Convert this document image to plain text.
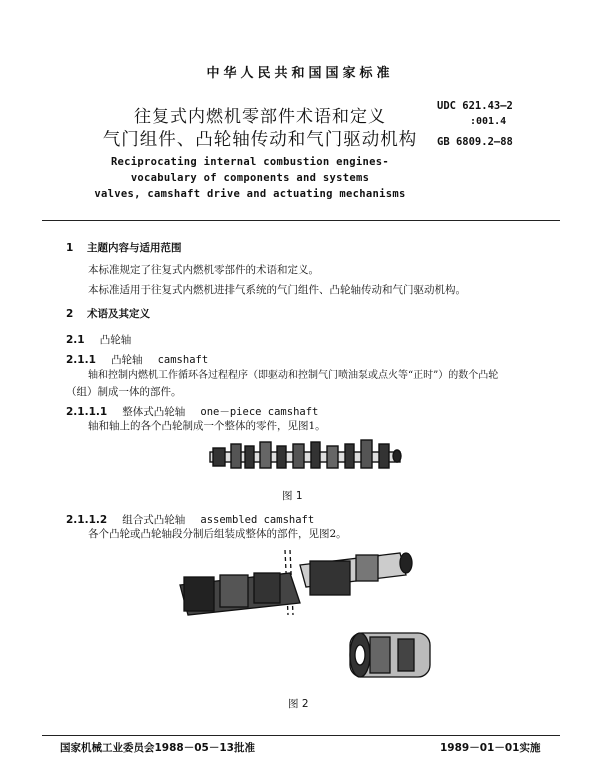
中华人民共和国国家标准
往复式内燃机零部件术语和定义
气门组件、凸轮轴传动和气门驱动机构
UDC 621.43–2
:001.4
GB 6809.2—88
Reciprocating internal combustion engines-
vocabulary of components and systems
valves, camshaft drive and actuating mechanisms
1 主题内容与适用范围
本标准规定了往复式内燃机零部件的术语和定义。
本标准适用于往复式内燃机进排气系统的气门组件、凸轮轴传动和气门驱动机构。
2 术语及其定义
2.1 凸轮轴
2.1.1 凸轮轴 camshaft
轴和控制内燃机工作循环各过程程序（即驱动和控制气门喷油泵或点火等“正时”）的数个凸轮
（组）制成一体的部件。
2.1.1.1 整体式凸轮轴 one－piece camshaft
轴和轴上的各个凸轮制成一个整体的零件，见图1。
图 1
2.1.1.2 组合式凸轮轴 assembled camshaft
各个凸轮或凸轮轴段分制后组装成整体的部件，见图2。
图 2
国家机械工业委员会1988－05－13批准	1989－01－01实施
